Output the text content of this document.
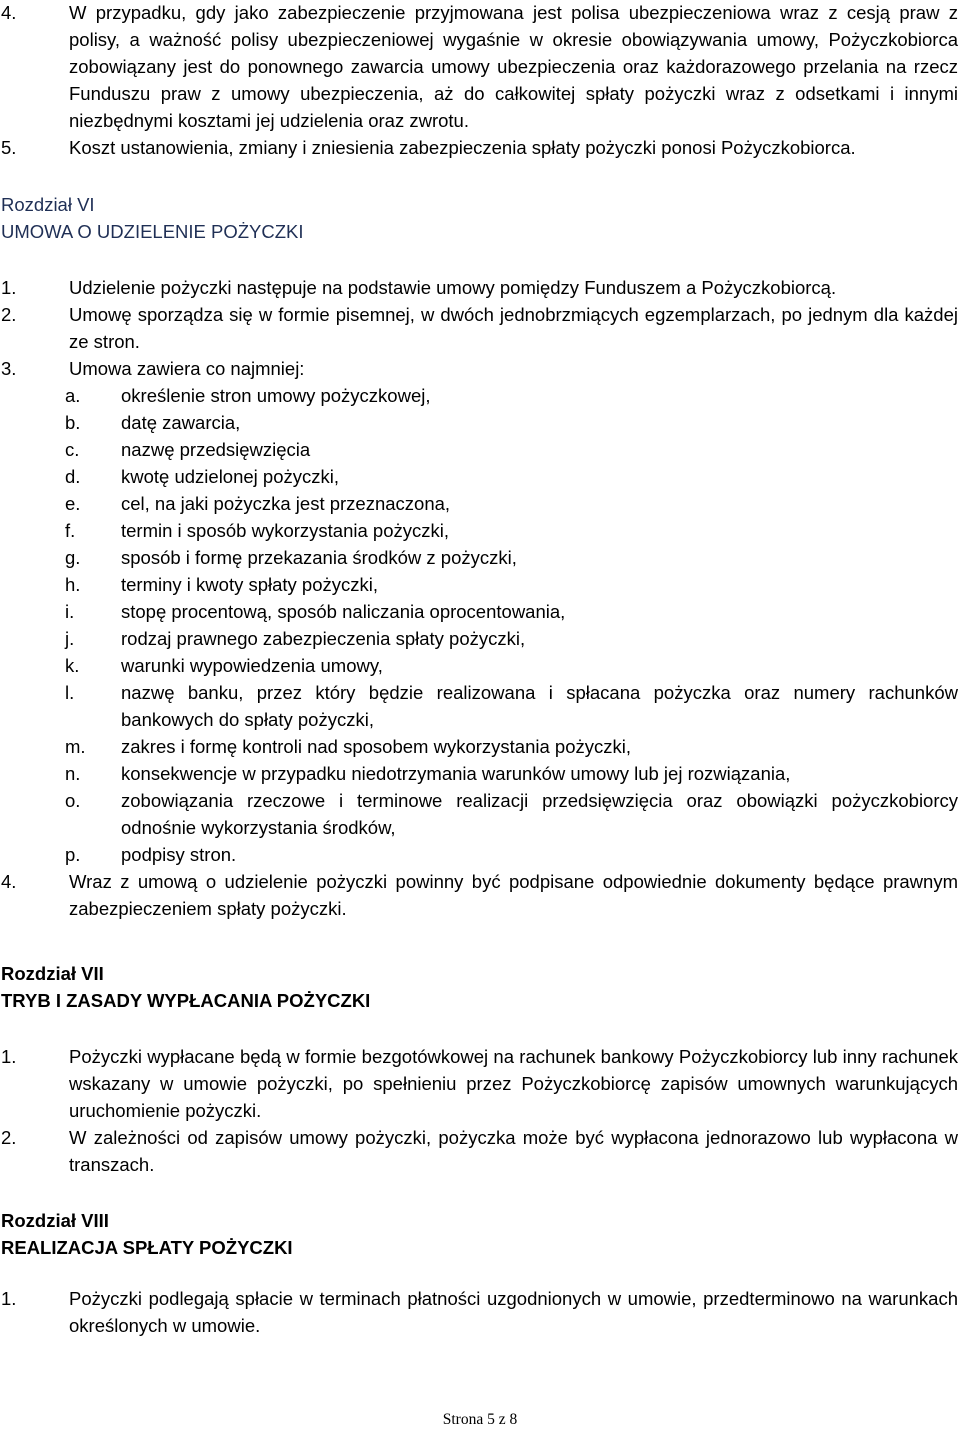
4.	W przypadku, gdy jako zabezpieczenie przyjmowana jest polisa ubezpieczeniowa wraz z cesją praw z polisy, a ważność polisy ubezpieczeniowej wygaśnie w okresie obowiązywania umowy, Pożyczkobiorca zobowiązany jest do ponownego zawarcia umowy ubezpieczenia oraz każdorazowego przelania na rzecz Funduszu praw z umowy ubezpieczenia, aż do całkowitej spłaty pożyczki wraz z odsetkami i innymi niezbędnymi kosztami jej udzielenia oraz zwrotu.
5.	Koszt ustanowienia, zmiany i zniesienia zabezpieczenia spłaty pożyczki ponosi Pożyczkobiorca.
Rozdział VI
UMOWA O UDZIELENIE POŻYCZKI
1.	Udzielenie pożyczki następuje na podstawie umowy pomiędzy Funduszem a Pożyczkobiorcą.
2.	Umowę sporządza się w formie pisemnej, w dwóch jednobrzmiących egzemplarzach, po jednym dla każdej ze stron.
3.	Umowa zawiera co najmniej:
a. określenie stron umowy pożyczkowej,
b. datę zawarcia,
c. nazwę przedsięwzięcia
d. kwotę udzielonej pożyczki,
e. cel, na jaki pożyczka jest przeznaczona,
f. termin i sposób wykorzystania pożyczki,
g. sposób i formę przekazania środków z pożyczki,
h. terminy i kwoty spłaty pożyczki,
i.	stopę procentową, sposób naliczania oprocentowania,
j.	rodzaj prawnego zabezpieczenia spłaty pożyczki,
k. warunki wypowiedzenia umowy,
l.	nazwę banku, przez który będzie realizowana i spłacana pożyczka oraz numery rachunków bankowych do spłaty pożyczki,
m. zakres i formę kontroli nad sposobem wykorzystania pożyczki,
n. konsekwencje w przypadku niedotrzymania warunków umowy lub jej rozwiązania,
o. zobowiązania rzeczowe i terminowe realizacji przedsięwzięcia oraz obowiązki pożyczkobiorcy odnośnie wykorzystania środków,
p. podpisy stron.
4.	Wraz z umową o udzielenie pożyczki powinny być podpisane odpowiednie dokumenty będące prawnym zabezpieczeniem spłaty pożyczki.
Rozdział VII
TRYB I ZASADY WYPŁACANIA POŻYCZKI
1.	Pożyczki wypłacane będą w formie bezgotówkowej na rachunek bankowy Pożyczkobiorcy lub inny rachunek wskazany w umowie pożyczki, po spełnieniu przez Pożyczkobiorcę zapisów umownych warunkujących uruchomienie pożyczki.
2.	W zależności od zapisów umowy pożyczki, pożyczka może być wypłacona jednorazowo lub wypłacona w transzach.
Rozdział VIII
REALIZACJA SPŁATY POŻYCZKI
1.	Pożyczki podlegają spłacie w terminach płatności uzgodnionych w umowie, przedterminowo na warunkach określonych w umowie.
Strona 5 z 8
